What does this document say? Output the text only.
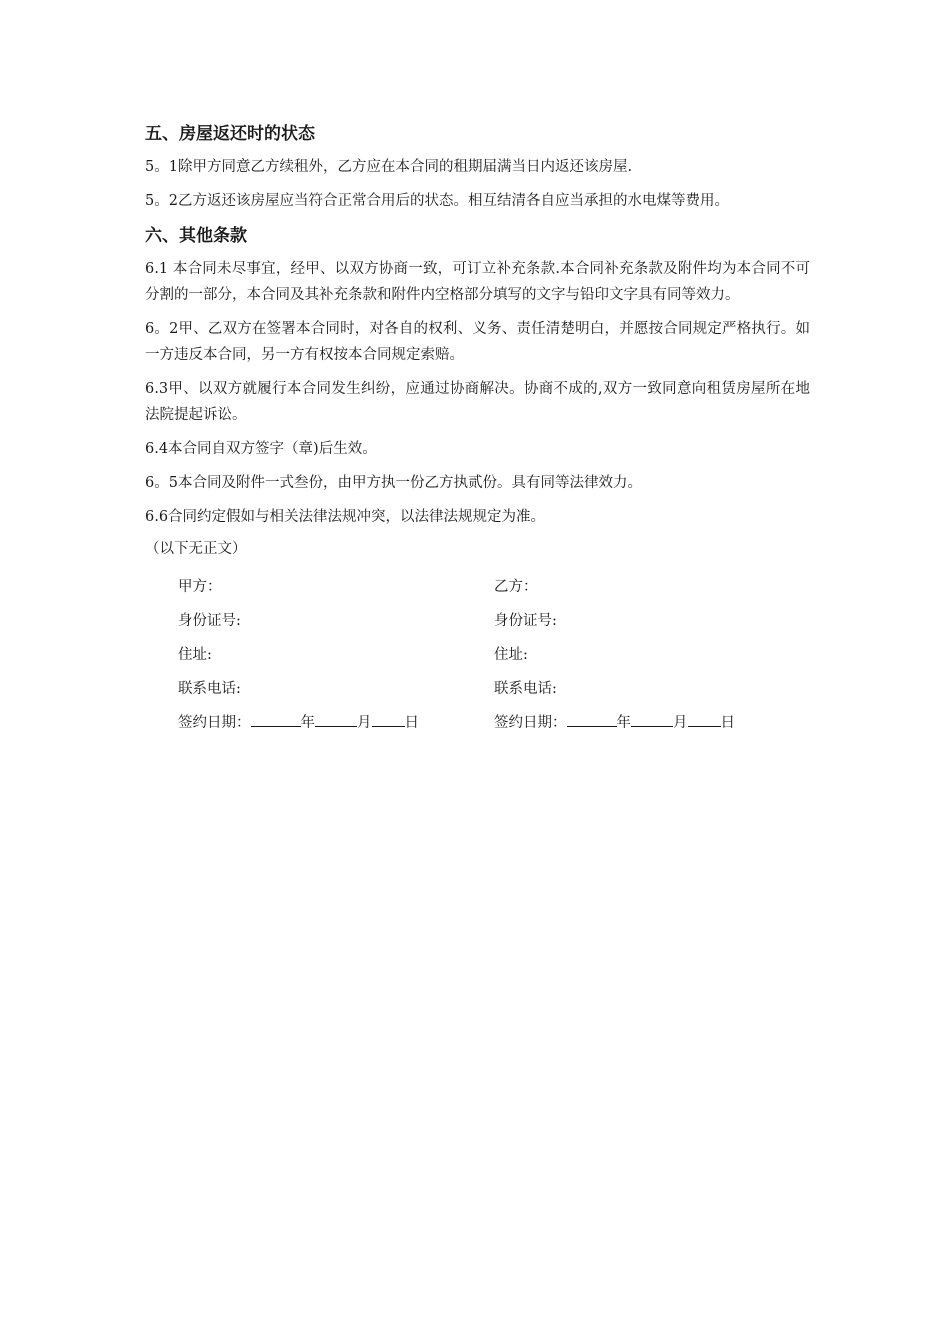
五、房屋返还时的状态

5。1除甲方同意乙方续租外，乙方应在本合同的租期届满当日内返还该房屋.

5。2乙方返还该房屋应当符合正常合用后的状态。相互结清各自应当承担的水电煤等费用。

六、其他条款

6.1 本合同未尽事宜，经甲、以双方协商一致，可订立补充条款.本合同补充条款及附件均为本合同不可分割的一部分，本合同及其补充条款和附件内空格部分填写的文字与铅印文字具有同等效力。

6。2甲、乙双方在签署本合同时，对各自的权利、义务、责任清楚明白，并愿按合同规定严格执行。如一方违反本合同，另一方有权按本合同规定索赔。

6.3甲、以双方就履行本合同发生纠纷，应通过协商解决。协商不成的,双方一致同意向租赁房屋所在地法院提起诉讼。

6.4本合同自双方签字（章)后生效。

6。5本合同及附件一式叁份，由甲方执一份乙方执贰份。具有同等法律效力。

6.6合同约定假如与相关法律法规冲突，以法律法规规定为准。

（以下无正文）
甲方：	乙方：
身份证号:	身份证号:
住址:	住址:
联系电话:	联系电话:
签约日期：	年	月 日	签约日期：	年	月 日
